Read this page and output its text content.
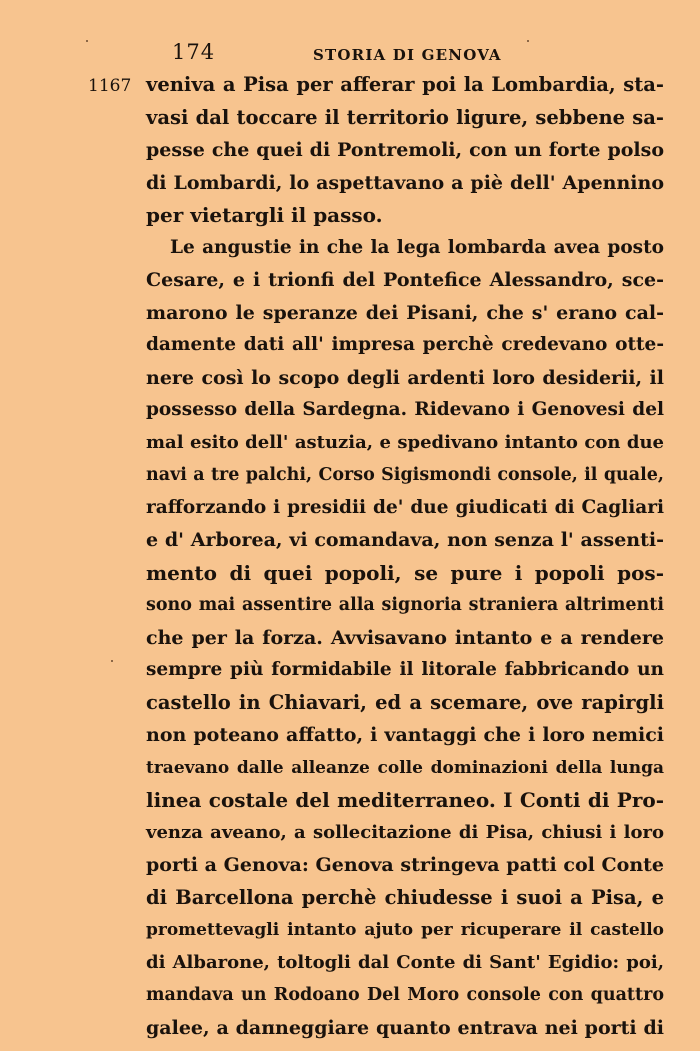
174	STORIA DI GENOVA
1167 veniva a Pisa per afferar poi la Lombardia, sta-
vasi dal toccare il territorio ligure, sebbene sa-
pesse che quei di Pontremoli, con un forte polso
di Lombardi, lo aspettavano a piè dell' Apennino
per vietargli il passo.
Le angustie in che la lega lombarda avea posto
Cesare, e i trionfi del Pontefice Alessandro, sce-
marono le speranze dei Pisani, che s' erano cal-
damente dati all' impresa perchè credevano otte-
nere così lo scopo degli ardenti loro desiderii, il
possesso della Sardegna. Ridevano i Genovesi del
mal esito dell' astuzia, e spedivano intanto con due
navi a tre palchi, Corso Sigismondi console, il quale,
rafforzando i presidii de' due giudicati di Cagliari
e d' Arborea, vi comandava, non senza l' assenti-
mento di quei popoli, se pure i popoli pos-
sono mai assentire alla signoria straniera altrimenti
che per la forza. Avvisavano intanto e a rendere
sempre più formidabile il litorale fabbricando un
castello in Chiavari, ed a scemare, ove rapirgli
non poteano affatto, i vantaggi che i loro nemici
traevano dalle alleanze colle dominazioni della lunga
linea costale del mediterraneo. I Conti di Pro-
venza aveano, a sollecitazione di Pisa, chiusi i loro
porti a Genova: Genova stringeva patti col Conte
di Barcellona perchè chiudesse i suoi a Pisa, e
promettevagli intanto ajuto per ricuperare il castello
di Albarone, toltogli dal Conte di Sant' Egidio: poi,
mandava un Rodoano Del Moro console con quattro
galee, a danneggiare quanto entrava nei porti di
